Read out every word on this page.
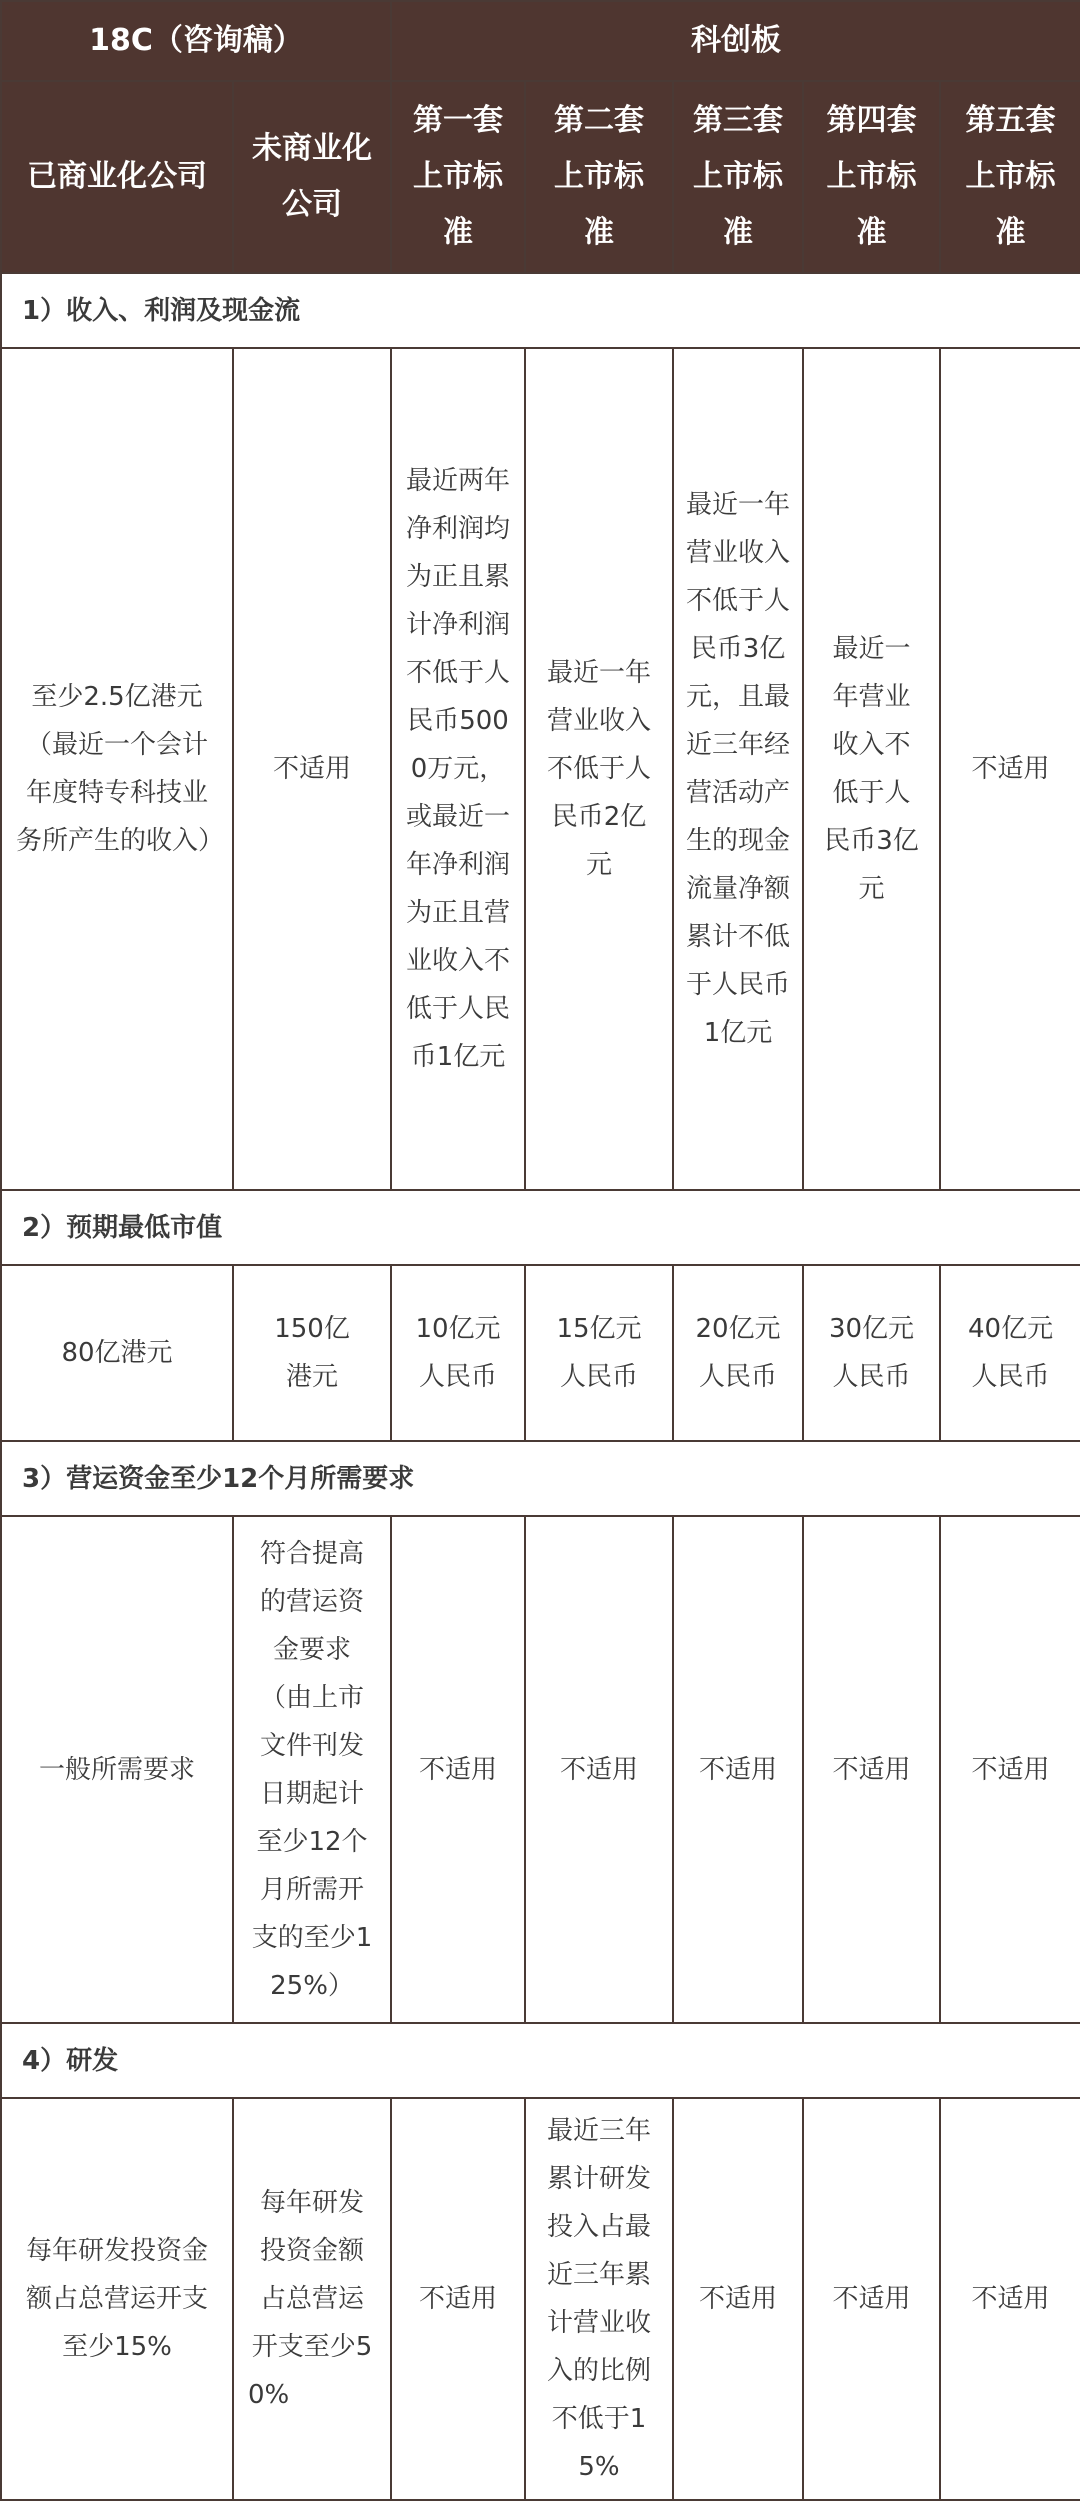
18C（咨询稿）		科创板				
已商业化公司	未商业化公司	第一套上市标准	第二套上市标准	第三套上市标准	第四套上市标准	第五套上市标准
1）收入、利润及现金流						
至少2.5亿港元（最近一个会计年度特专科技业务所产生的收入）	不适用	最近两年净利润均为正且累计净利润不低于人民币5000万元，或最近一年净利润为正且营业收入不低于人民币1亿元	最近一年营业收入不低于人民币2亿元	最近一年营业收入不低于人民币3亿元，且最近三年经营活动产生的现金流量净额累计不低于人民币1亿元	最近一年营业收入不低于人民币3亿元	不适用
2）预期最低市值						
80亿港元	150亿港元	10亿元人民币	15亿元人民币	20亿元人民币	30亿元人民币	40亿元人民币
3）营运资金至少12个月所需要求						
一般所需要求	符合提高的营运资金要求（由上市文件刊发日期起计至少12个月所需开支的至少125%）	不适用	不适用	不适用	不适用	不适用
4）研发						
每年研发投资金额占总营运开支至少15%	每年研发投资金额占总营运开支至少50%	不适用	最近三年累计研发投入占最近三年累计营业收入的比例不低于15%	不适用	不适用	不适用
